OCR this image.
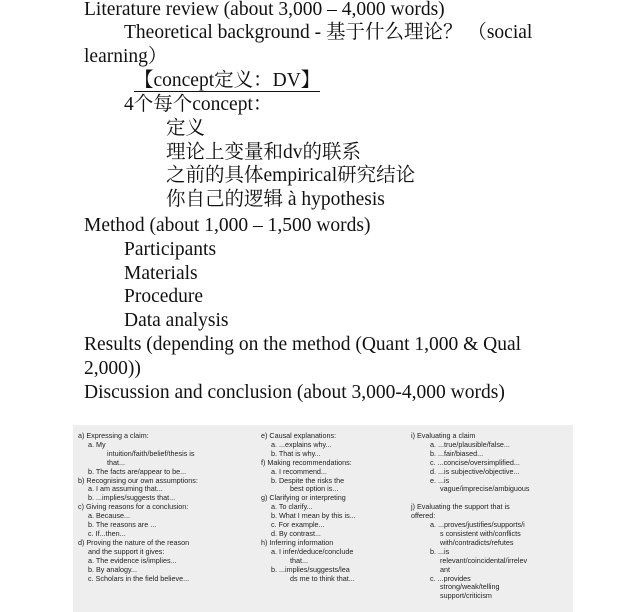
Literature review (about 3,000 – 4,000 words)
Theoretical background - 基于什么理论？ （social
learning）
【concept定义：DV】
4个每个concept：
定义
理论上变量和dv的联系
之前的具体empirical研究结论
你自己的逻辑 à hypothesis
Method (about 1,000 – 1,500 words)
Participants
Materials
Procedure
Data analysis
Results (depending on the method (Quant 1,000 & Qual
2,000))
Discussion and conclusion (about 3,000-4,000 words)
a) Expressing a claim:
a. My
intuition/faith/belief/thesis is
that...
b. The facts are/appear to be...
b) Recognising our own assumptions:
a. I am assuming that...
b. ...implies/suggests that...
c) Giving reasons for a conclusion:
a. Because...
b. The reasons are ...
c. If...then...
d) Proving the nature of the reason
and the support it gives:
a. The evidence is/implies...
b. By analogy...
c. Scholars in the field believe...
e) Causal explanations:
a. ...explains why...
b. That is why...
f) Making recommendations:
a. I recommend...
b. Despite the risks the
best option is...
g) Clarifying or interpreting
a. To clarify...
b. What I mean by this is...
c. For example...
d. By contrast...
h) Inferring information
a. I infer/deduce/conclude
that...
b. ...implies/suggests/lea
ds me to think that...
i) Evaluating a claim
a. ...true/plausible/false...
b. ...fair/biased...
c. ...concise/oversimplified...
d. ...is subjective/objective...
e. ...is
vague/imprecise/ambiguous

j) Evaluating the support that is
offered:
a. ...proves/justifies/supports/i
s consistent with/conflicts
with/contradicts/refutes
b. ...is
relevant/coincidental/irrelev
ant
c. ...provides
strong/weak/telling
support/criticism
